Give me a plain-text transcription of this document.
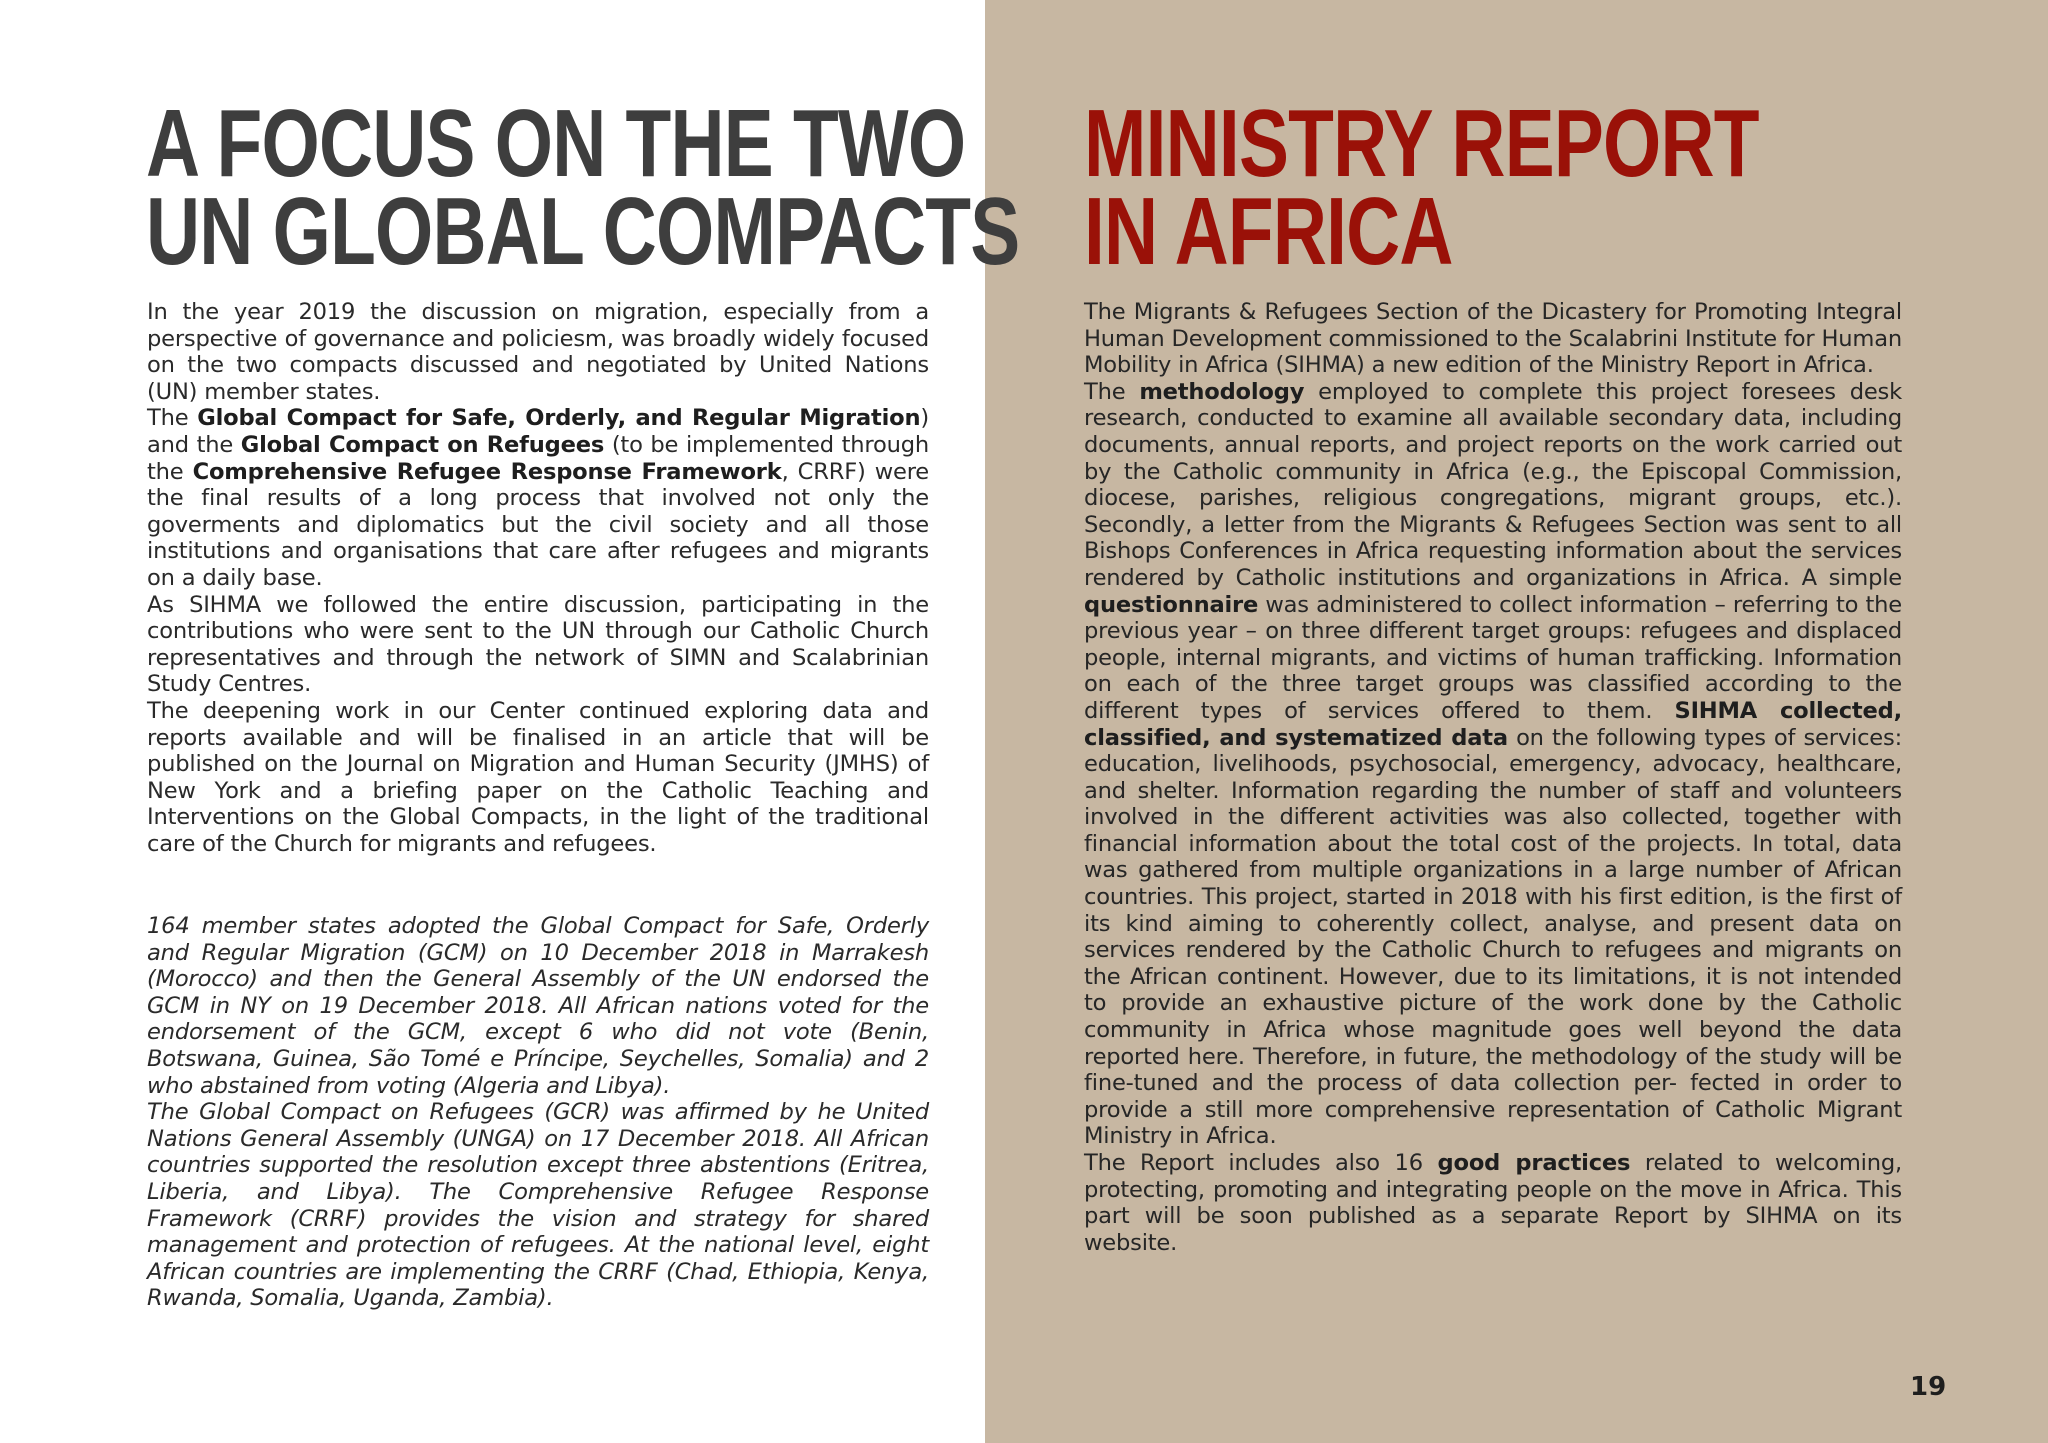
A FOCUS ON THE TWO
UN GLOBAL COMPACTS

In the year 2019 the discussion on migration, especially from a perspective of governance and policiesm, was broadly widely focused on the two compacts discussed and negotiated by United Nations (UN) member states.

The Global Compact for Safe, Orderly, and Regular Migration) and the Global Compact on Refugees (to be implemented through the Comprehensive Refugee Response Framework, CRRF) were the final results of a long process that involved not only the goverments and diplomatics but the civil society and all those institutions and organisations that care after refugees and migrants on a daily base.

As SIHMA we followed the entire discussion, participating in the contributions who were sent to the UN through our Catholic Church representatives and through the network of SIMN and Scalabrinian Study Centres.

The deepening work in our Center continued exploring data and reports available and will be finalised in an article that will be published on the Journal on Migration and Human Security (JMHS) of New York and a briefing paper on the Catholic Teaching and Interventions on the Global Compacts, in the light of the traditional care of the Church for migrants and refugees.

164 member states adopted the Global Compact for Safe, Orderly and Regular Migration (GCM) on 10 December 2018 in Marrakesh (Morocco) and then the General Assembly of the UN endorsed the GCM in NY on 19 December 2018. All African nations voted for the endorsement of the GCM, except 6 who did not vote (Benin, Botswana, Guinea, São Tomé e Príncipe, Seychelles, Somalia) and 2 who abstained from voting (Algeria and Libya).

The Global Compact on Refugees (GCR) was affirmed by he United Nations General Assembly (UNGA) on 17 December 2018. All African countries supported the resolution except three abstentions (Eritrea, Liberia, and Libya). The Comprehensive Refugee Response Framework (CRRF) provides the vision and strategy for shared management and protection of refugees. At the national level, eight African countries are implementing the CRRF (Chad, Ethiopia, Kenya, Rwanda, Somalia, Uganda, Zambia).

MINISTRY REPORT
IN AFRICA

The Migrants & Refugees Section of the Dicastery for Promoting Integral Human Development commissioned to the Scalabrini Institute for Human Mobility in Africa (SIHMA) a new edition of the Ministry Report in Africa.

The methodology employed to complete this project foresees desk research, conducted to examine all available secondary data, including documents, annual reports, and project reports on the work carried out by the Catholic community in Africa (e.g., the Episcopal Commission, diocese, parishes, religious congregations, migrant groups, etc.). Secondly, a letter from the Migrants & Refugees Section was sent to all Bishops Conferences in Africa requesting information about the services rendered by Catholic institutions and organizations in Africa. A simple questionnaire was administered to collect information – referring to the previous year – on three different target groups: refugees and displaced people, internal migrants, and victims of human trafficking. Information on each of the three target groups was classified according to the different types of services offered to them. SIHMA collected, classified, and systematized data on the following types of services: education, livelihoods, psychosocial, emergency, advocacy, healthcare, and shelter. Information regarding the number of staff and volunteers involved in the different activities was also collected, together with financial information about the total cost of the projects. In total, data was gathered from multiple organizations in a large number of African countries. This project, started in 2018 with his first edition, is the first of its kind aiming to coherently collect, analyse, and present data on services rendered by the Catholic Church to refugees and migrants on the African continent. However, due to its limitations, it is not intended to provide an exhaustive picture of the work done by the Catholic community in Africa whose magnitude goes well beyond the data reported here. Therefore, in future, the methodology of the study will be fine-tuned and the process of data collection per- fected in order to provide a still more comprehensive representation of Catholic Migrant Ministry in Africa.

The Report includes also 16 good practices related to welcoming, protecting, promoting and integrating people on the move in Africa. This part will be soon published as a separate Report by SIHMA on its website.

19
